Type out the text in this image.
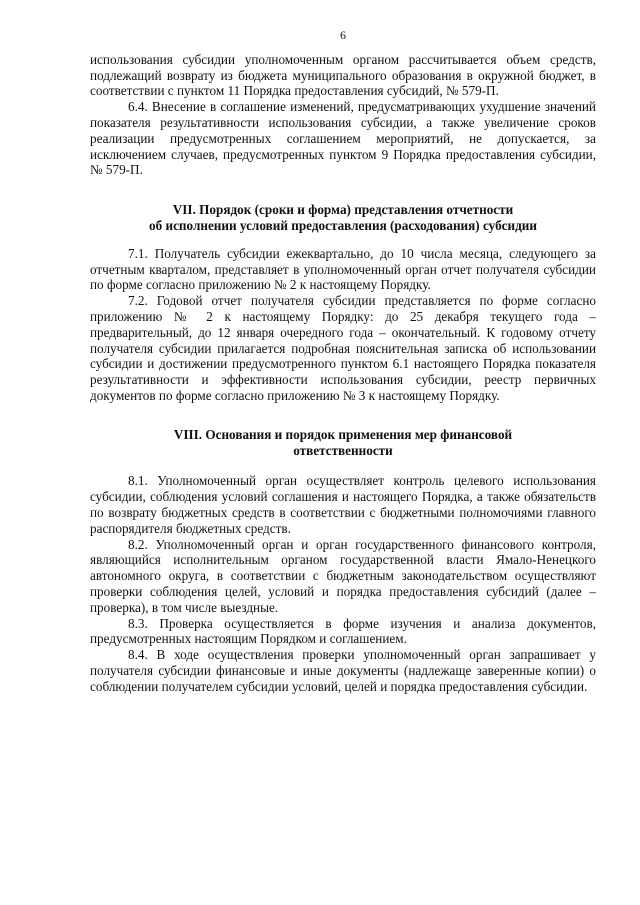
6

использования субсидии уполномоченным органом рассчитывается объем средств, подлежащий возврату из бюджета муниципального образования в окружной бюджет, в соответствии с пунктом 11 Порядка предоставления субсидий, № 579-П.

6.4. Внесение в соглашение изменений, предусматривающих ухудшение значений показателя результативности использования субсидии, а также увеличение сроков реализации предусмотренных соглашением мероприятий, не допускается, за исключением случаев, предусмотренных пунктом 9 Порядка предоставления субсидии, № 579-П.

VII. Порядок (сроки и форма) представления отчетности
об исполнении условий предоставления (расходования) субсидии

7.1. Получатель субсидии ежеквартально, до 10 числа месяца, следующего за отчетным кварталом, представляет в уполномоченный орган отчет получателя субсидии по форме согласно приложению № 2 к настоящему Порядку.

7.2. Годовой отчет получателя субсидии представляется по форме согласно приложению № 2 к настоящему Порядку: до 25 декабря текущего года – предварительный, до 12 января очередного года – окончательный. К годовому отчету получателя субсидии прилагается подробная пояснительная записка об использовании субсидии и достижении предусмотренного пунктом 6.1 настоящего Порядка показателя результативности и эффективности использования субсидии, реестр первичных документов по форме согласно приложению № 3 к настоящему Порядку.

VIII. Основания и порядок применения мер финансовой
ответственности

8.1. Уполномоченный орган осуществляет контроль целевого использования субсидии, соблюдения условий соглашения и настоящего Порядка, а также обязательств по возврату бюджетных средств в соответствии с бюджетными полномочиями главного распорядителя бюджетных средств.

8.2. Уполномоченный орган и орган государственного финансового контроля, являющийся исполнительным органом государственной власти Ямало-Ненецкого автономного округа, в соответствии с бюджетным законодательством осуществляют проверки соблюдения целей, условий и порядка предоставления субсидий (далее – проверка), в том числе выездные.

8.3. Проверка осуществляется в форме изучения и анализа документов, предусмотренных настоящим Порядком и соглашением.

8.4. В ходе осуществления проверки уполномоченный орган запрашивает у получателя субсидии финансовые и иные документы (надлежаще заверенные копии) о соблюдении получателем субсидии условий, целей и порядка предоставления субсидии.
